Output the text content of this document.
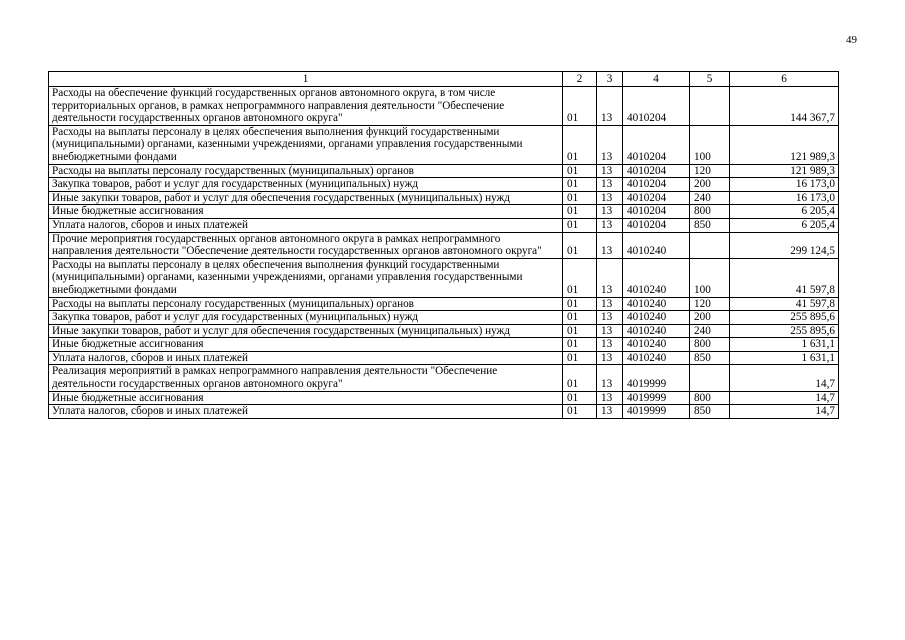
49
1	2	3	4	5	6
Расходы на обеспечение функций государственных органов автономного округа, в том числе территориальных органов, в рамках непрограммного направления деятельности "Обеспечение деятельности государственных органов автономного округа"	01	13	4010204		144 367,7
Расходы на выплаты персоналу в целях обеспечения выполнения функций государственными (муниципальными) органами, казенными учреждениями, органами управления государственными внебюджетными фондами	01	13	4010204	100	121 989,3
Расходы на выплаты персоналу государственных (муниципальных) органов	01	13	4010204	120	121 989,3
Закупка товаров, работ и услуг для государственных (муниципальных) нужд	01	13	4010204	200	16 173,0
Иные закупки товаров, работ и услуг для обеспечения государственных (муниципальных) нужд	01	13	4010204	240	16 173,0
Иные бюджетные ассигнования	01	13	4010204	800	6 205,4
Уплата налогов, сборов и иных платежей	01	13	4010204	850	6 205,4
Прочие мероприятия государственных органов автономного округа в рамках непрограммного направления деятельности "Обеспечение деятельности государственных органов автономного округа"	01	13	4010240		299 124,5
Расходы на выплаты персоналу в целях обеспечения выполнения функций государственными (муниципальными) органами, казенными учреждениями, органами управления государственными внебюджетными фондами	01	13	4010240	100	41 597,8
Расходы на выплаты персоналу государственных (муниципальных) органов	01	13	4010240	120	41 597,8
Закупка товаров, работ и услуг для государственных (муниципальных) нужд	01	13	4010240	200	255 895,6
Иные закупки товаров, работ и услуг для обеспечения государственных (муниципальных) нужд	01	13	4010240	240	255 895,6
Иные бюджетные ассигнования	01	13	4010240	800	1 631,1
Уплата налогов, сборов и иных платежей	01	13	4010240	850	1 631,1
Реализация мероприятий в рамках непрограммного направления деятельности "Обеспечение деятельности государственных органов автономного округа"	01	13	4019999		14,7
Иные бюджетные ассигнования	01	13	4019999	800	14,7
Уплата налогов, сборов и иных платежей	01	13	4019999	850	14,7
